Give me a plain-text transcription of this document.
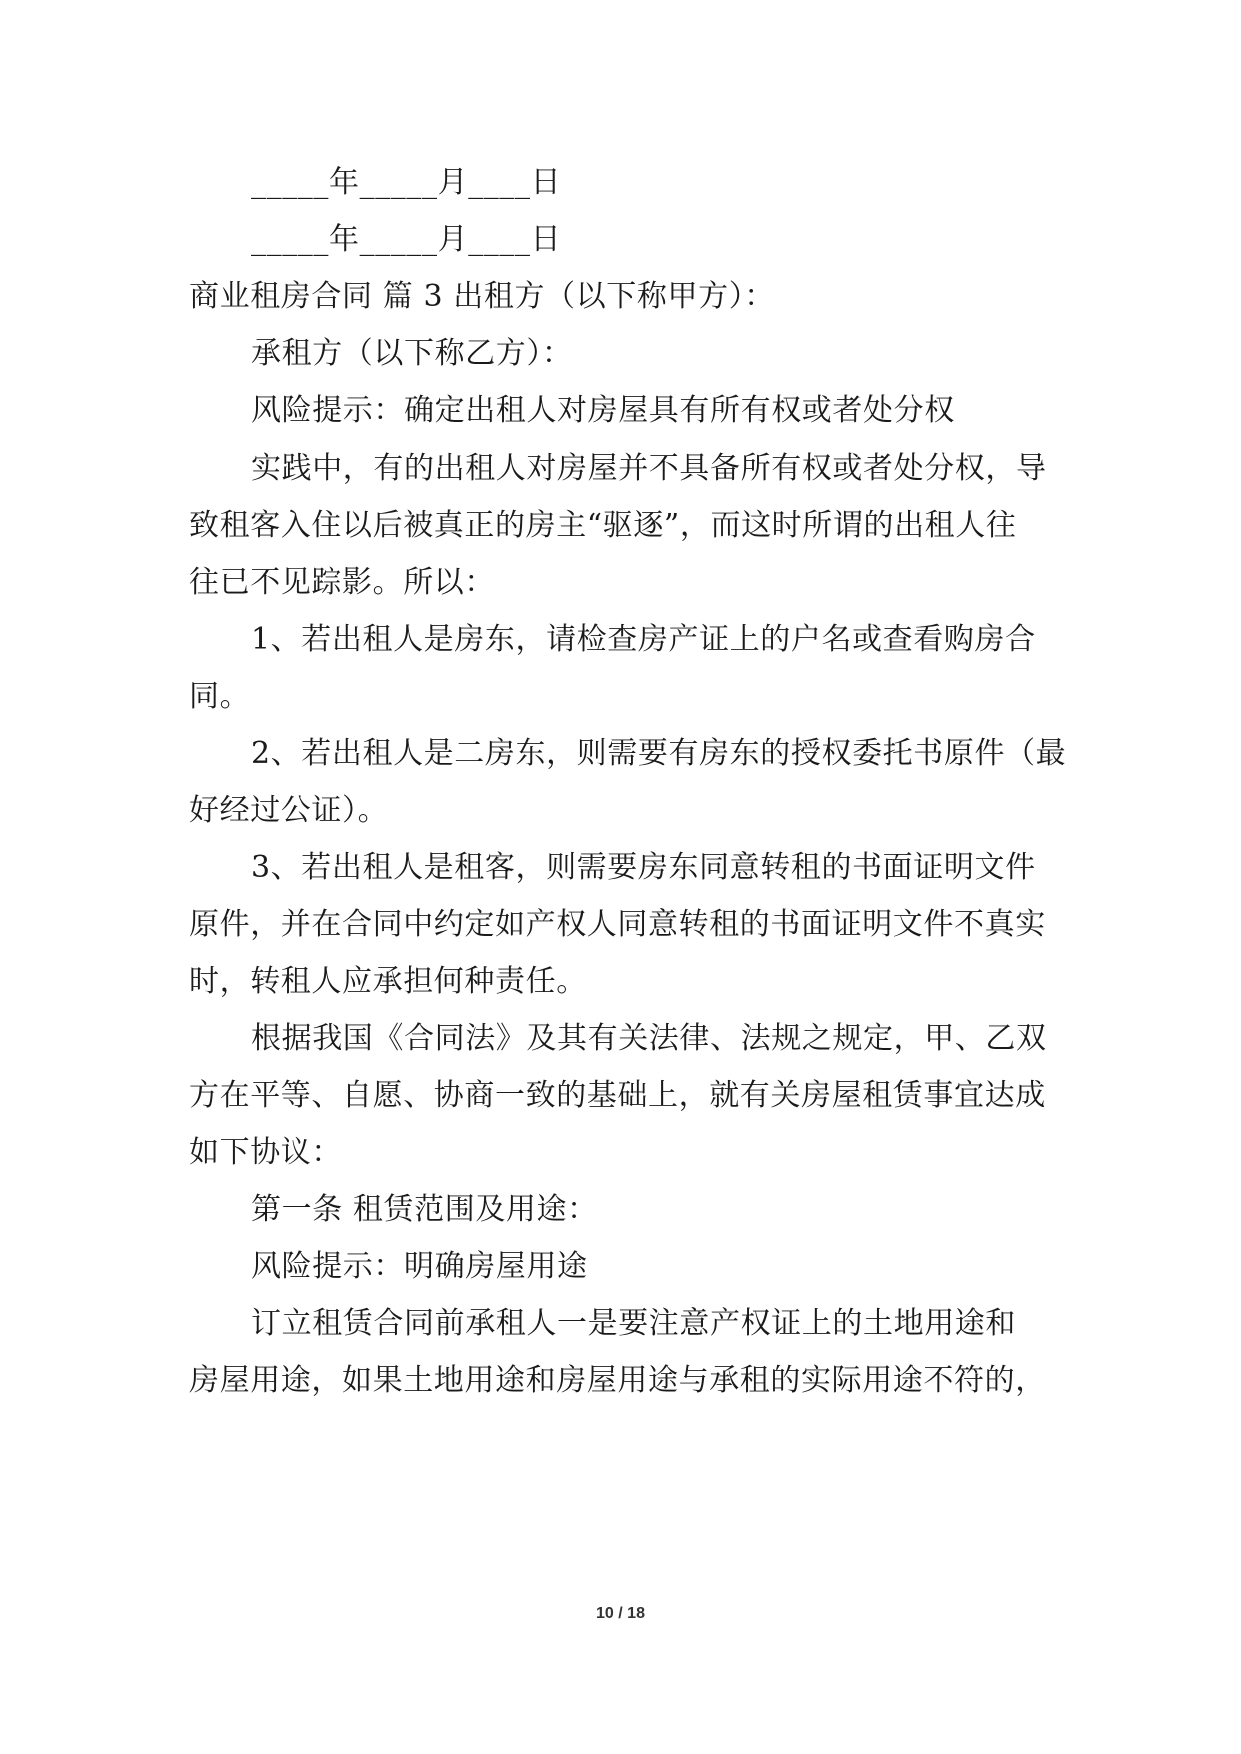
_____年_____月____日
_____年_____月____日
商业租房合同 篇 3 出租方（以下称甲方）：
承租方（以下称乙方）：
风险提示：确定出租人对房屋具有所有权或者处分权
实践中，有的出租人对房屋并不具备所有权或者处分权，导
致租客入住以后被真正的房主“驱逐”，而这时所谓的出租人往
往已不见踪影。所以：
1、若出租人是房东，请检查房产证上的户名或查看购房合
同。
2、若出租人是二房东，则需要有房东的授权委托书原件（最
好经过公证）。
3、若出租人是租客，则需要房东同意转租的书面证明文件
原件，并在合同中约定如产权人同意转租的书面证明文件不真实
时，转租人应承担何种责任。
根据我国《合同法》及其有关法律、法规之规定，甲、乙双
方在平等、自愿、协商一致的基础上，就有关房屋租赁事宜达成
如下协议：
第一条 租赁范围及用途：
风险提示：明确房屋用途
订立租赁合同前承租人一是要注意产权证上的土地用途和
房屋用途，如果土地用途和房屋用途与承租的实际用途不符的，
10 / 18
